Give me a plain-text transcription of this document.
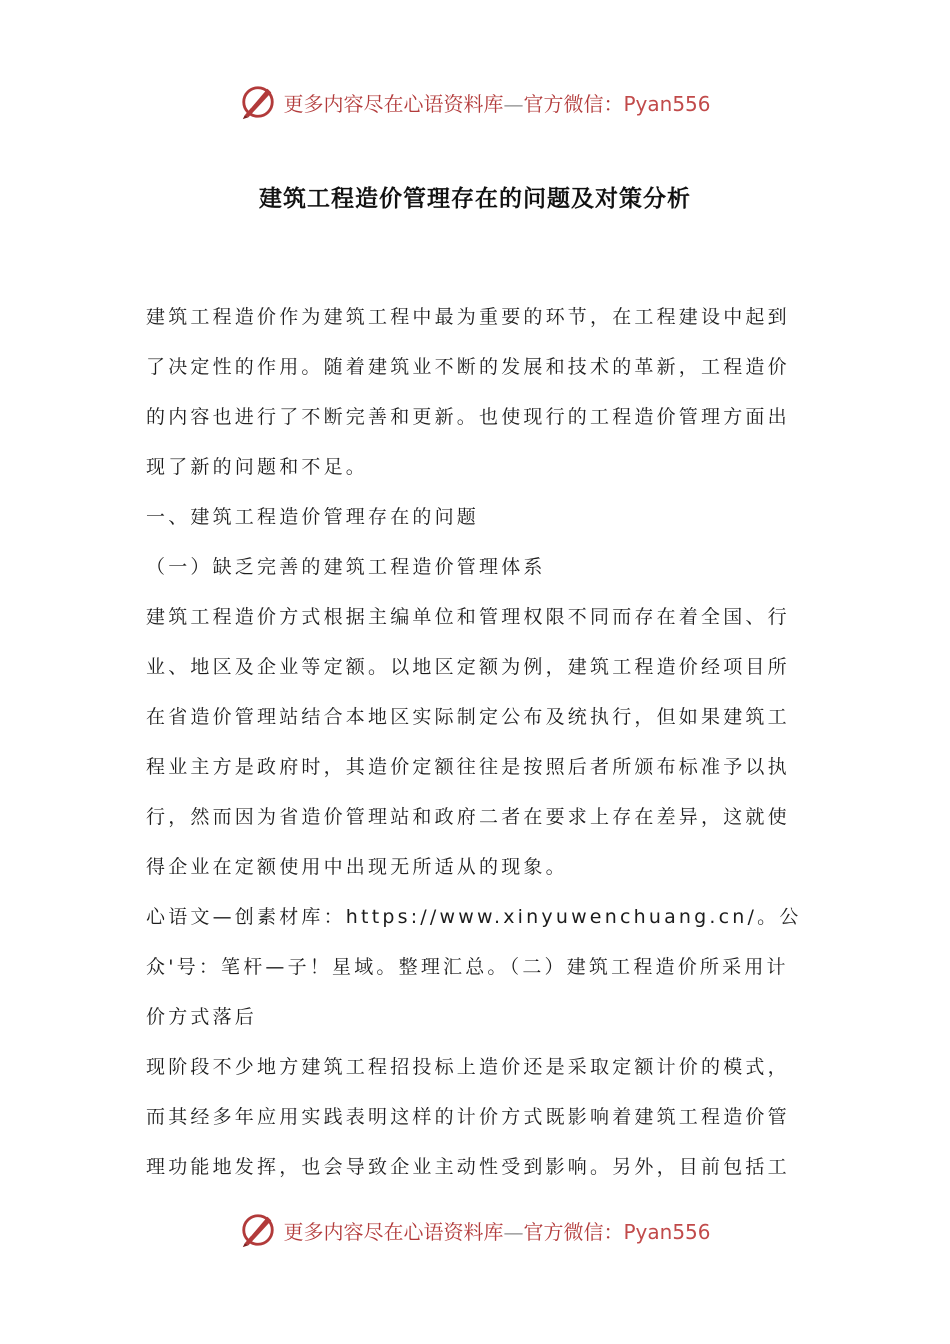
更多内容尽在心语资料库—官方微信：Pyan556
建筑工程造价管理存在的问题及对策分析

建筑工程造价作为建筑工程中最为重要的环节，在工程建设中起到了决定性的作用。随着建筑业不断的发展和技术的革新，工程造价的内容也进行了不断完善和更新。也使现行的工程造价管理方面出现了新的问题和不足。

一、建筑工程造价管理存在的问题

（一）缺乏完善的建筑工程造价管理体系

建筑工程造价方式根据主编单位和管理权限不同而存在着全国、行业、地区及企业等定额。以地区定额为例，建筑工程造价经项目所在省造价管理站结合本地区实际制定公布及统执行，但如果建筑工程业主方是政府时，其造价定额往往是按照后者所颁布标准予以执行，然而因为省造价管理站和政府二者在要求上存在差异，这就使得企业在定额使用中出现无所适从的现象。

心语文—创素材库：https://www.xinyuwenchuang.cn/。公众'号：笔杆—子！星域。整理汇总。（二）建筑工程造价所采用计价方式落后

现阶段不少地方建筑工程招投标上造价还是采取定额计价的模式，而其经多年应用实践表明这样的计价方式既影响着建筑工程造价管理功能地发挥，也会导致企业主动性受到影响。另外，目前包括工

更多内容尽在心语资料库—官方微信：Pyan556
